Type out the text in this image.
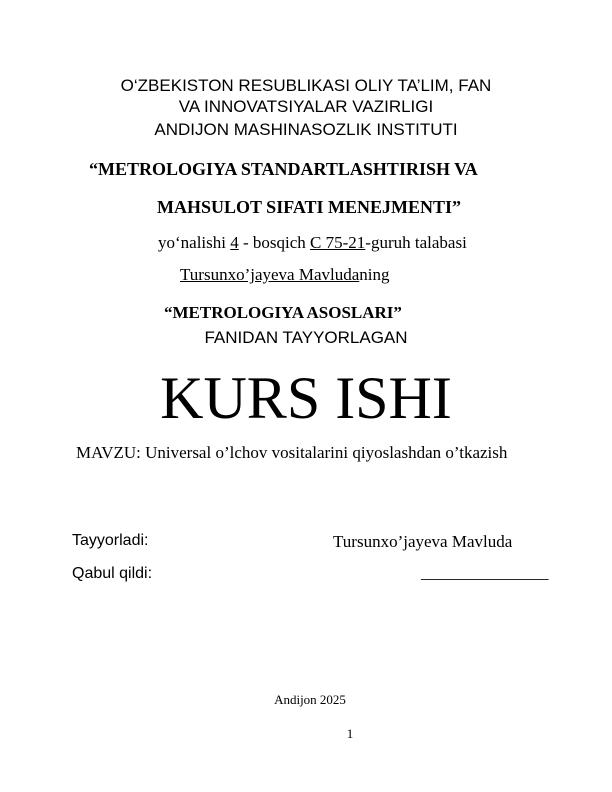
O‘ZBEKISTON RESUBLIKASI OLIY TA’LIM, FAN
VA INNOVATSIYALAR VAZIRLIGI
ANDIJON MASHINASOZLIK INSTITUTI
“METROLOGIYA STANDARTLASHTIRISH VA
MAHSULOT SIFATI MENEJMENTI”
yo‘nalishi 4 - bosqich C 75-21-guruh talabasi
Tursunxo’jayeva Mavludaning
“METROLOGIYA ASOSLARI”
FANIDAN TAYYORLAGAN
KURS ISHI
MAVZU: Universal o’lchov vositalarini qiyoslashdan o’tkazish
Tayyorladi:	Tursunxo’jayeva Mavluda
Qabul qildi:	_______________
Andijon 2025
1
